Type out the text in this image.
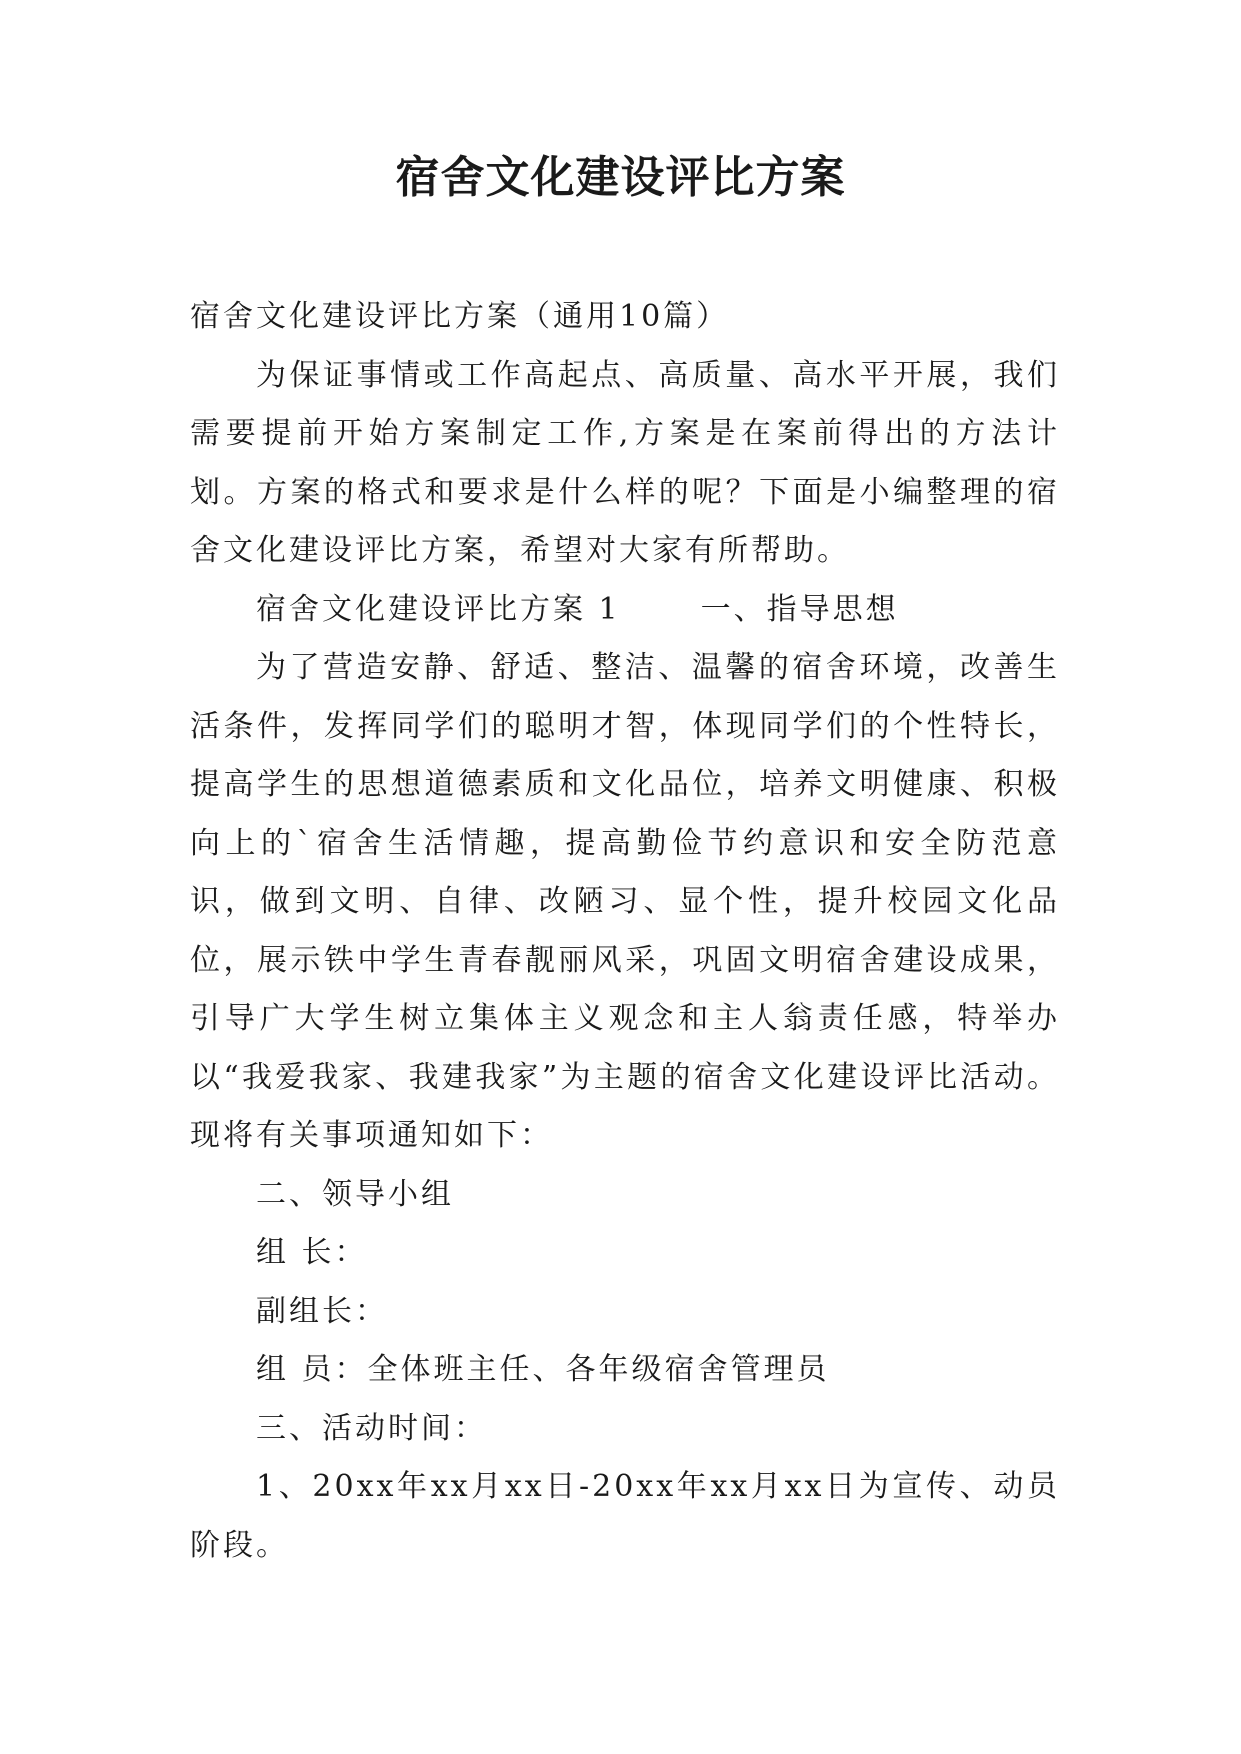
宿舍文化建设评比方案

宿舍文化建设评比方案（通用10篇）

为保证事情或工作高起点、高质量、高水平开展，我们需要提前开始方案制定工作,方案是在案前得出的方法计划。方案的格式和要求是什么样的呢？下面是小编整理的宿舍文化建设评比方案，希望对大家有所帮助。

宿舍文化建设评比方案 1	一、指导思想

为了营造安静、舒适、整洁、温馨的宿舍环境，改善生活条件，发挥同学们的聪明才智，体现同学们的个性特长，提高学生的思想道德素质和文化品位，培养文明健康、积极向上的`宿舍生活情趣，提高勤俭节约意识和安全防范意识，做到文明、自律、改陋习、显个性，提升校园文化品位，展示铁中学生青春靓丽风采，巩固文明宿舍建设成果，引导广大学生树立集体主义观念和主人翁责任感，特举办以“我爱我家、我建我家”为主题的宿舍文化建设评比活动。现将有关事项通知如下：

二、领导小组

组 长：

副组长：

组 员：全体班主任、各年级宿舍管理员

三、活动时间：

1、20xx年xx月xx日-20xx年xx月xx日为宣传、动员阶段。
